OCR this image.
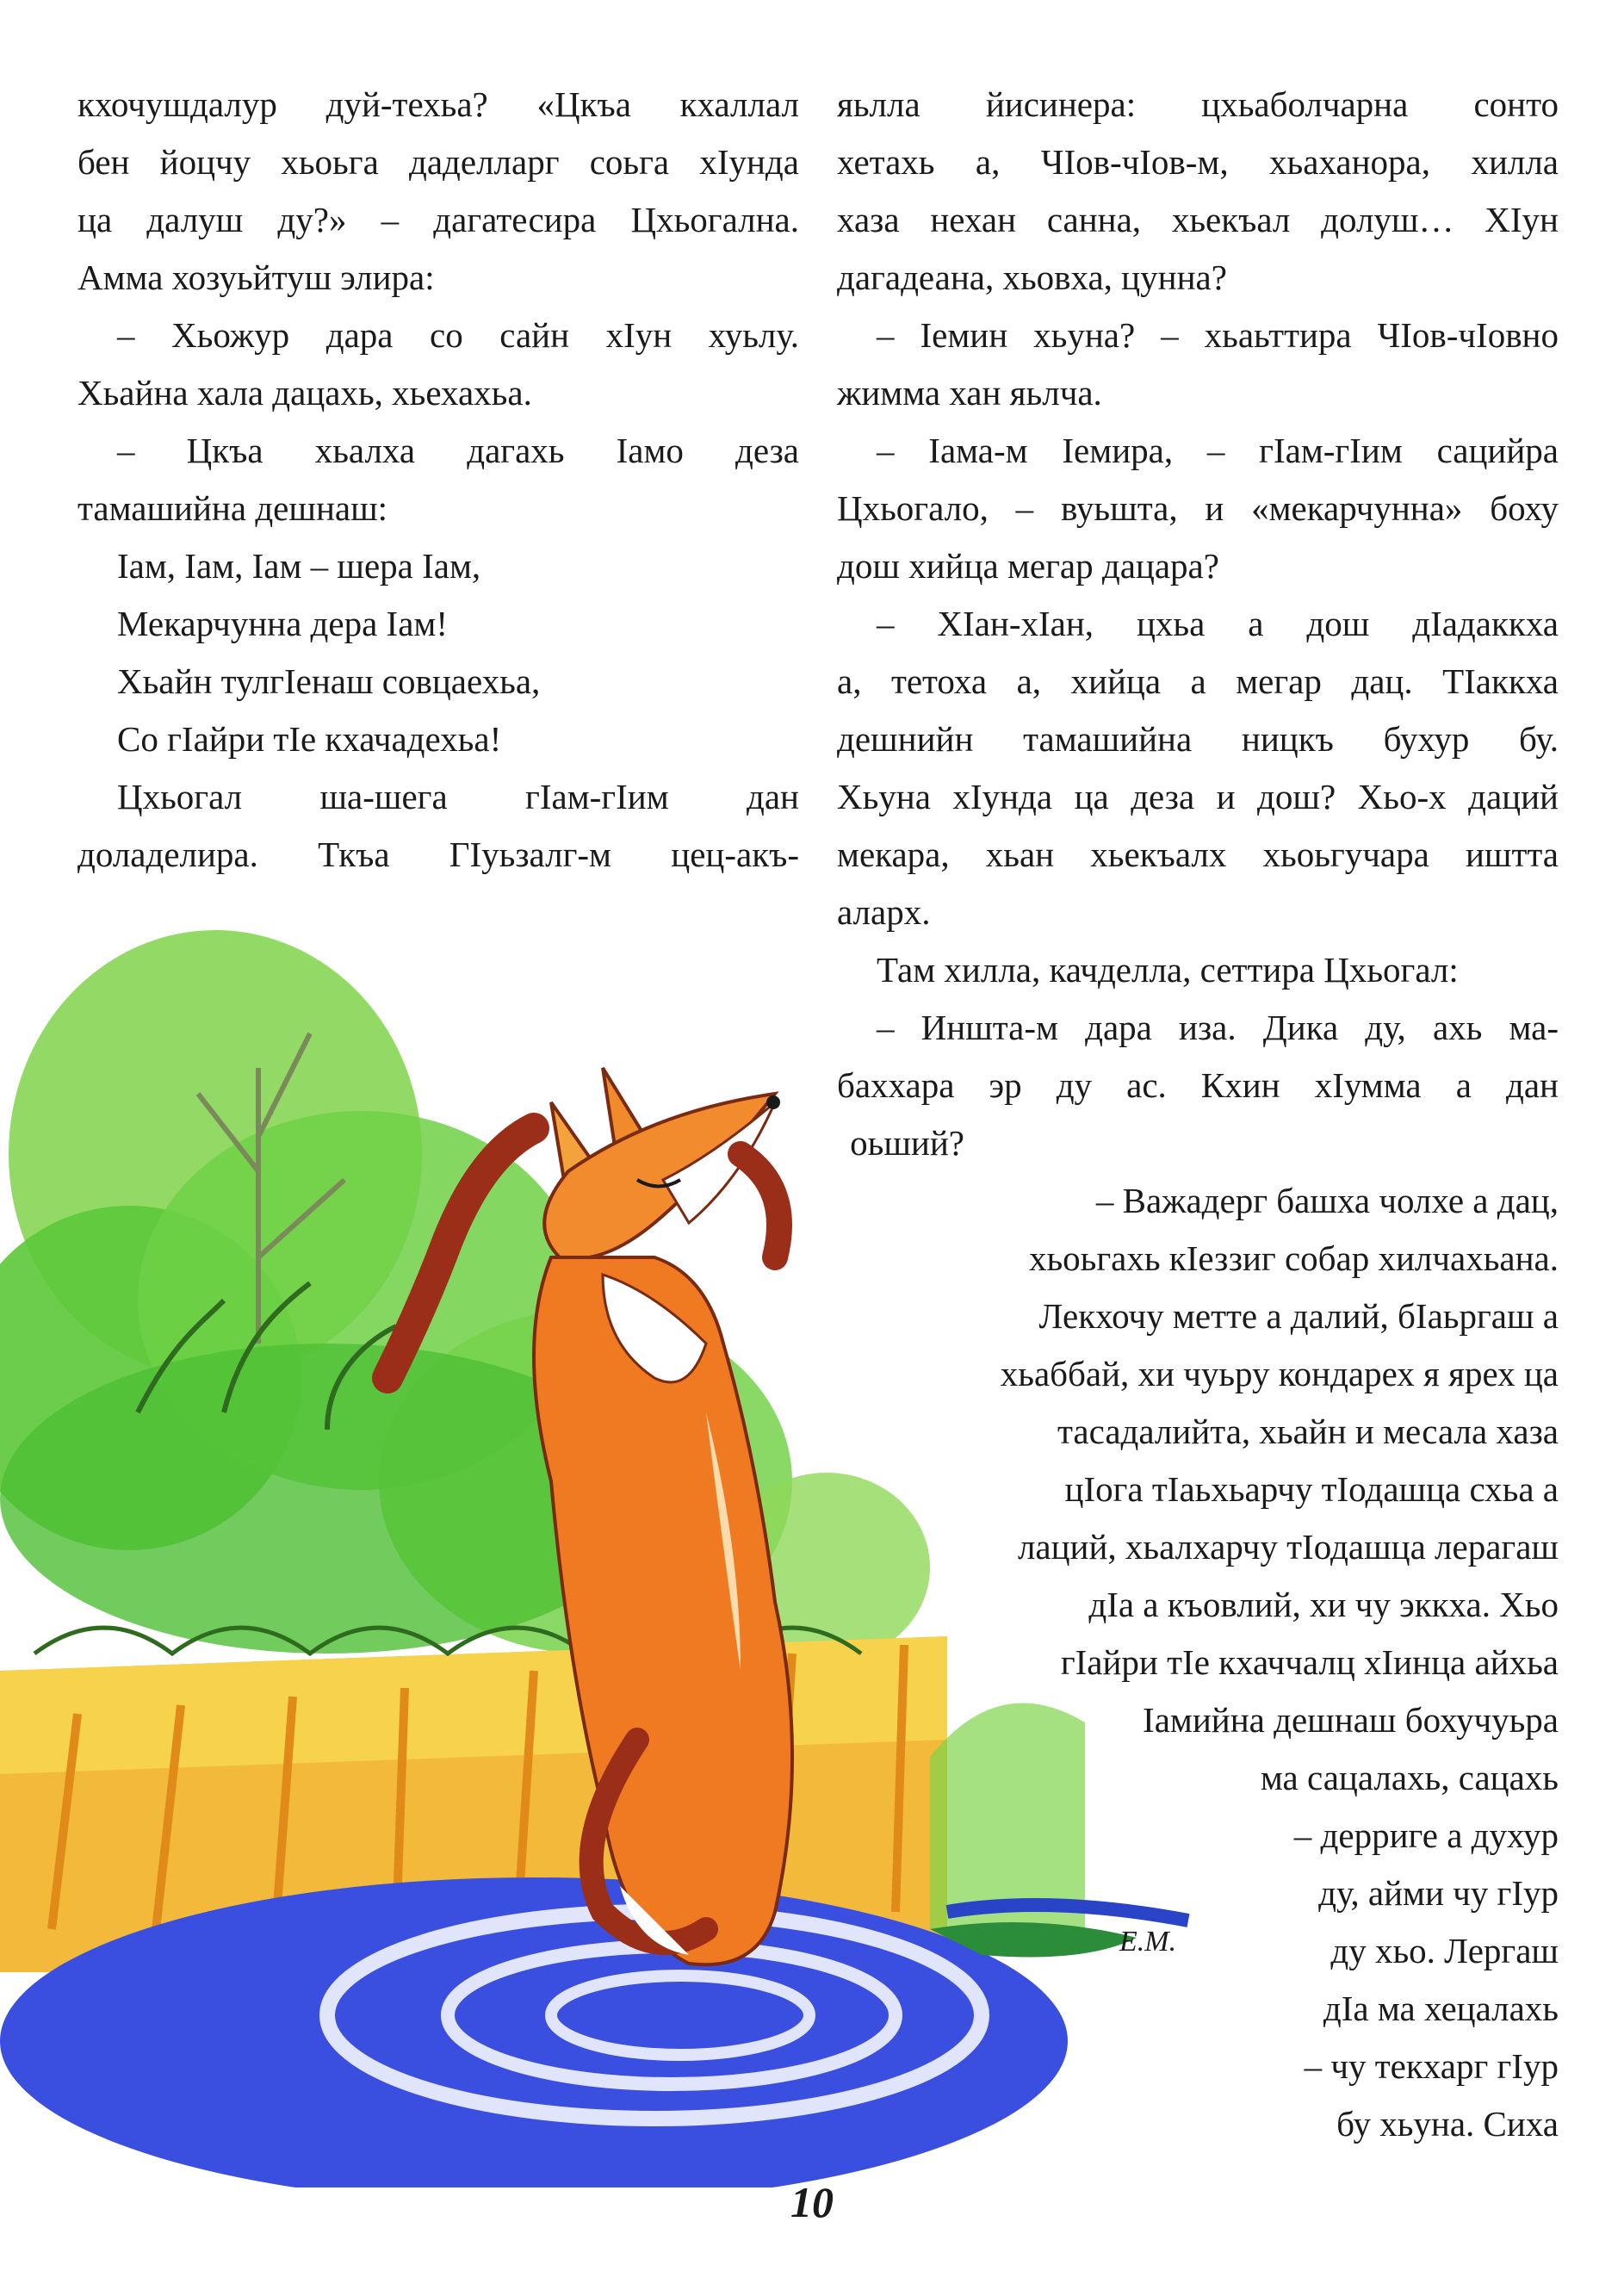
Е.М.

кхочушдалур дуй-техьа? «Цкъа кхаллал

бен йоцчу хьоьга даделларг соьга хIунда

ца далуш ду?» – дагатесира Цхьогална.

Амма хозуьйтуш элира:

– Хьожур дара со сайн хIун хуьлу.

Хьайна хала дацахь, хьехахьа.

– Цкъа хьалха дагахь Iамо деза

тамашийна дешнаш:

Iам, Iам, Iам – шера Iам,

Мекарчунна дера Iам!

Хьайн тулгIенаш совцаехьа,

Со гIайри тIе кхачадехьа!

Цхьогал ша-шега гIам-гIим дан

доладелира. Ткъа ГIуьзалг-м цец-акъ-

яьлла йисинера: цхьаболчарна сонто

хетахь а, ЧIов-чIов-м, хьаханора, хилла

хаза нехан санна, хьекъал долуш… ХIун

дагадеана, хьовха, цунна?

– Iемин хьуна? – хьаьттира ЧIов-чIовно

жимма хан яьлча.

– Iама-м Iемира, – гIам-гIим сацийра

Цхьогало, – вуьшта, и «мекарчунна» боху

дош хийца мегар дацара?

– ХIан-хIан, цхьа а дош дIадаккха

а, тетоха а, хийца а мегар дац. ТIаккха

дешнийн тамашийна ницкъ бухур бу.

Хьуна хIунда ца деза и дош? Хьо-х даций

мекара, хьан хьекъалх хьоьгучара иштта

аларх.

Там хилла, качделла, сеттира Цхьогал:

– Иншта-м дара иза. Дика ду, ахь ма-

баххара эр ду ас. Кхин хIумма а дан

оьший?

– Важадерг башха чолхе а дац,

хьоьгахь кIеззиг собар хилчахьана.

Лекхочу метте а далий, бIаьргаш а

хьаббай, хи чуьру кондарех я ярех ца

тасадалийта, хьайн и месала хаза

цIога тIаьхьарчу тIодашца схьа а

лаций, хьалхарчу тIодашца лерагаш

дIа а къовлий, хи чу эккха. Хьо

гIайри тIе кхаччалц хIинца айхьа

Iамийна дешнаш бохучуьра

ма сацалахь, сацахь

– дерриге а духур

ду, айми чу гIур

ду хьо. Лергаш

дIа ма хецалахь

– чу текхарг гIур

бу хьуна. Сиха

10
